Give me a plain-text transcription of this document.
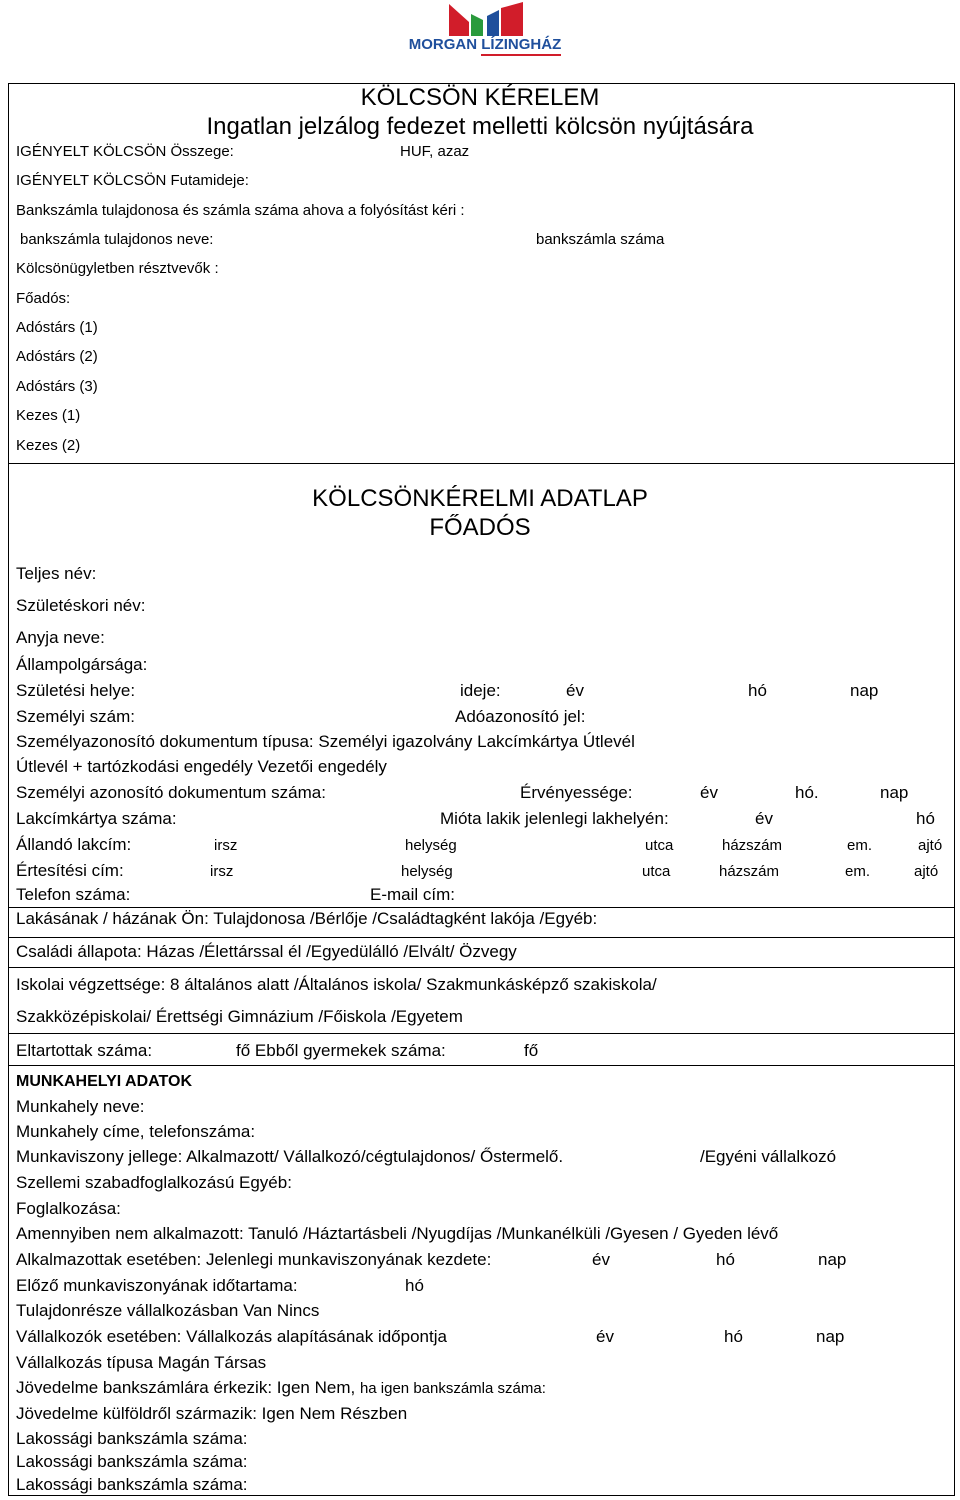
MORGAN LÍZINGHÁZ
KÖLCSÖN KÉRELEM
Ingatlan jelzálog fedezet melletti kölcsön nyújtására
IGÉNYELT KÖLCSÖN Összege:	HUF, azaz
IGÉNYELT KÖLCSÖN Futamideje:
Bankszámla tulajdonosa és számla száma ahova a folyósítást kéri :
bankszámla tulajdonos neve:	bankszámla száma
Kölcsönügyletben résztvevők :
Főadós:
Adóstárs (1)
Adóstárs (2)
Adóstárs (3)
Kezes (1)
Kezes (2)
KÖLCSÖNKÉRELMI ADATLAP
FŐADÓS
Teljes név:
Születéskori név:
Anyja neve:
Állampolgársága:
Születési helye:	ideje:	év	hó	nap
Személyi szám:	Adóazonosító jel:
Személyazonosító dokumentum típusa: Személyi igazolvány Lakcímkártya Útlevél
Útlevél + tartózkodási engedély Vezetői engedély
Személyi azonosító dokumentum száma:	Érvényessége:	év	hó.	nap
Lakcímkártya száma:	Mióta lakik jelenlegi lakhelyén:	év	hó
Állandó lakcím:	irsz	helység	utca	házszám	em.	ajtó
Értesítési cím:	irsz	helység	utca	házszám	em.	ajtó
Telefon száma:	E-mail cím:
Lakásának / házának Ön: Tulajdonosa /Bérlője /Családtagként lakója /Egyéb:
Családi állapota: Házas /Élettárssal él /Egyedülálló /Elvált/ Özvegy
Iskolai végzettsége: 8 általános alatt /Általános iskola/ Szakmunkásképző szakiskola/
Szakközépiskolai/ Érettségi Gimnázium /Főiskola /Egyetem
Eltartottak száma:	fő Ebből gyermekek száma:	fő
MUNKAHELYI ADATOK
Munkahely neve:
Munkahely címe, telefonszáma:
Munkaviszony jellege: Alkalmazott/ Vállalkozó/cégtulajdonos/ Őstermelő.	/Egyéni vállalkozó
Szellemi szabadfoglalkozású Egyéb:
Foglalkozása:
Amennyiben nem alkalmazott: Tanuló /Háztartásbeli /Nyugdíjas /Munkanélküli /Gyesen / Gyeden lévő
Alkalmazottak esetében: Jelenlegi munkaviszonyának kezdete:	év	hó	nap
Előző munkaviszonyának időtartama:	hó
Tulajdonrésze vállalkozásban Van Nincs
Vállalkozók esetében: Vállalkozás alapításának időpontja	év	hó	nap
Vállalkozás típusa Magán Társas
Jövedelme bankszámlára érkezik: Igen Nem, ha igen bankszámla száma:
Jövedelme külföldről származik: Igen Nem Részben
Lakossági bankszámla száma:
Lakossági bankszámla száma:
Lakossági bankszámla száma:
